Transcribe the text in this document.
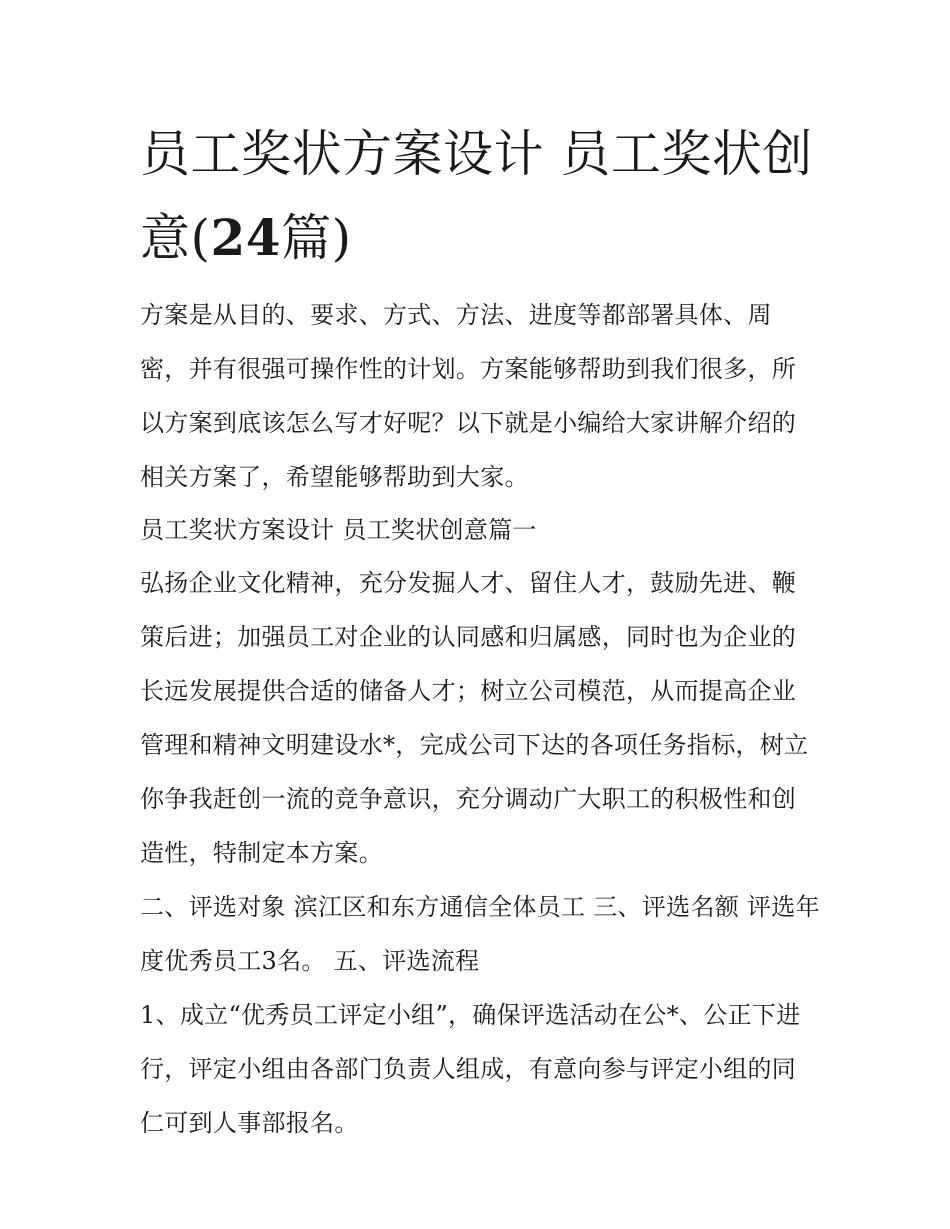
员工奖状方案设计 员工奖状创意(24篇)

方案是从目的、要求、方式、方法、进度等都部署具体、周密，并有很强可操作性的计划。方案能够帮助到我们很多，所以方案到底该怎么写才好呢？以下就是小编给大家讲解介绍的相关方案了，希望能够帮助到大家。

员工奖状方案设计 员工奖状创意篇一

弘扬企业文化精神，充分发掘人才、留住人才，鼓励先进、鞭策后进；加强员工对企业的认同感和归属感，同时也为企业的长远发展提供合适的储备人才；树立公司模范，从而提高企业管理和精神文明建设水*，完成公司下达的各项任务指标，树立你争我赶创一流的竞争意识，充分调动广大职工的积极性和创造性，特制定本方案。

二、评选对象 滨江区和东方通信全体员工 三、评选名额 评选年度优秀员工3名。 五、评选流程

1、成立“优秀员工评定小组”，确保评选活动在公*、公正下进行，评定小组由各部门负责人组成，有意向参与评定小组的同仁可到人事部报名。
